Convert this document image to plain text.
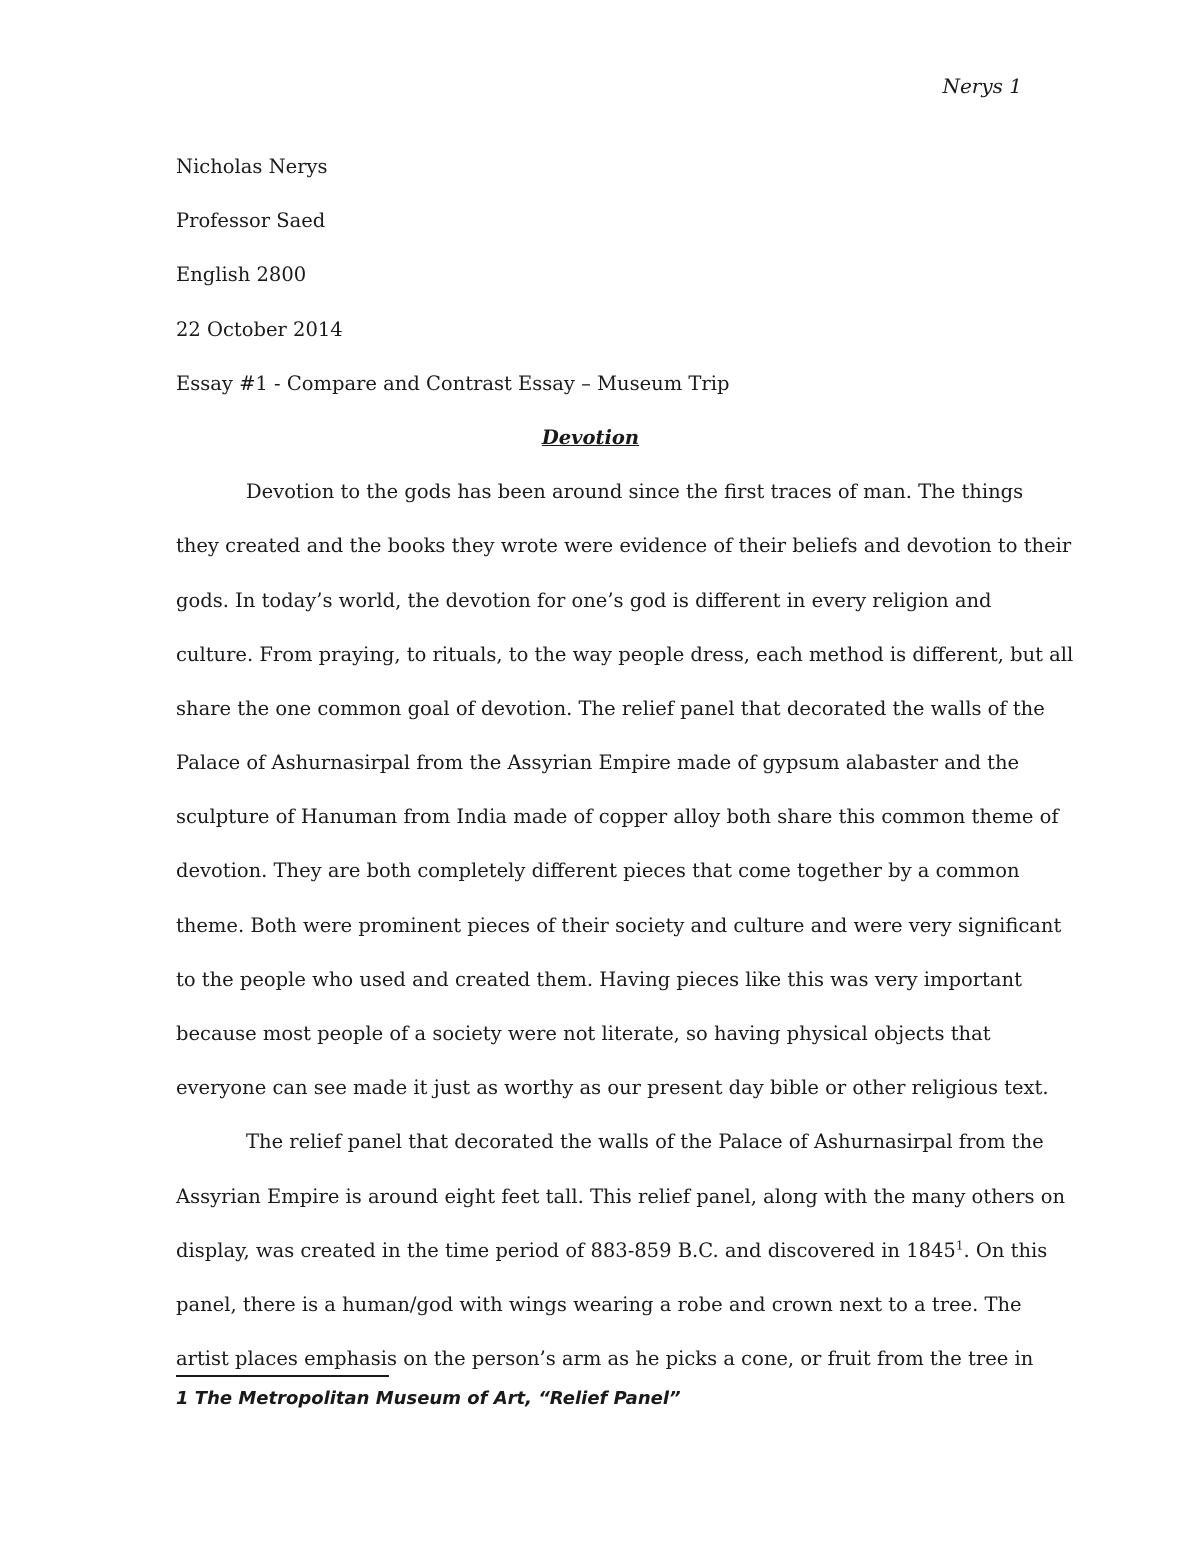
Nerys 1
Nicholas Nerys
Professor Saed
English 2800
22 October 2014
Essay #1 - Compare and Contrast Essay – Museum Trip
Devotion
Devotion to the gods has been around since the first traces of man. The things
they created and the books they wrote were evidence of their beliefs and devotion to their
gods. In today’s world, the devotion for one’s god is different in every religion and
culture. From praying, to rituals, to the way people dress, each method is different, but all
share the one common goal of devotion. The relief panel that decorated the walls of the
Palace of Ashurnasirpal from the Assyrian Empire made of gypsum alabaster and the
sculpture of Hanuman from India made of copper alloy both share this common theme of
devotion. They are both completely different pieces that come together by a common
theme. Both were prominent pieces of their society and culture and were very significant
to the people who used and created them. Having pieces like this was very important
because most people of a society were not literate, so having physical objects that
everyone can see made it just as worthy as our present day bible or other religious text.
The relief panel that decorated the walls of the Palace of Ashurnasirpal from the
Assyrian Empire is around eight feet tall. This relief panel, along with the many others on
display, was created in the time period of 883-859 B.C. and discovered in 1845$^1$. On this
panel, there is a human/god with wings wearing a robe and crown next to a tree. The
artist places emphasis on the person’s arm as he picks a cone, or fruit from the tree in
1 The Metropolitan Museum of Art, “Relief Panel”
